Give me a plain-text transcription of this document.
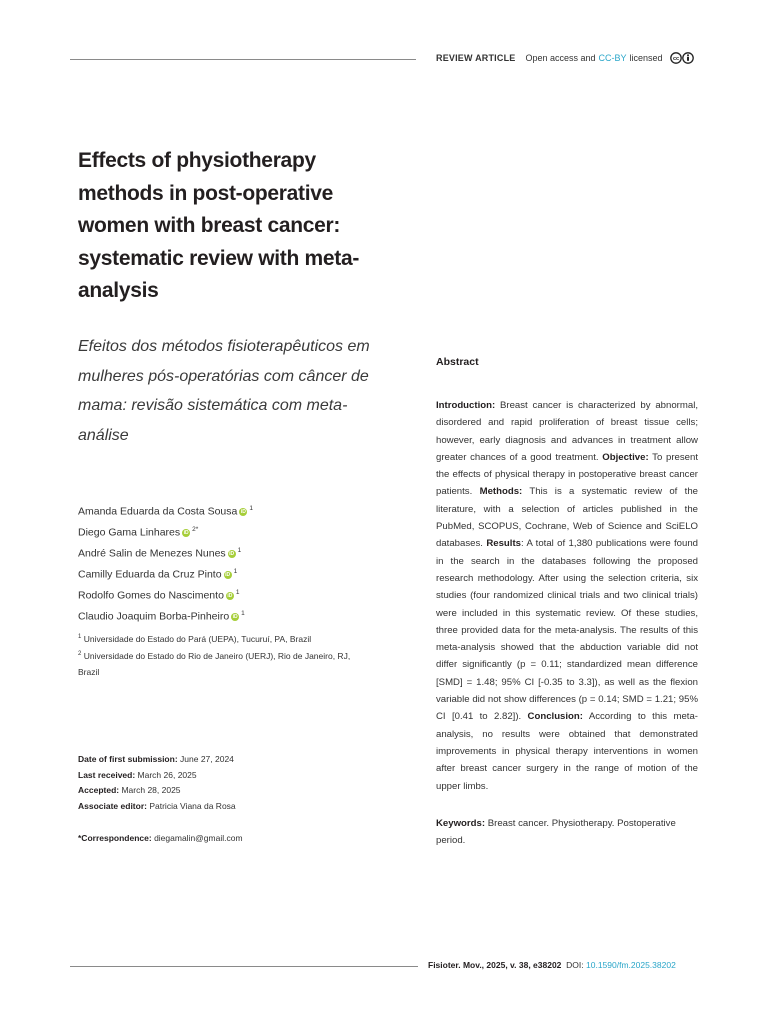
REVIEW ARTICLE Open access and CC-BY licensed cc
Effects of physiotherapy methods in post-operative women with breast cancer: systematic review with meta-analysis
Efeitos dos métodos fisioterapêuticos em mulheres pós-operatórias com câncer de mama: revisão sistemática com meta-análise
Amanda Eduarda da Costa Sousa iD $^1$
Diego Gama Linhares iD $^{2*}$
André Salin de Menezes Nunes iD $^1$
Camilly Eduarda da Cruz Pinto iD $^1$
Rodolfo Gomes do Nascimento iD $^1$
Claudio Joaquim Borba-Pinheiro iD $^1$
$^1$ Universidade do Estado do Pará (UEPA), Tucuruí, PA, Brazil
$^2$ Universidade do Estado do Rio de Janeiro (UERJ), Rio de Janeiro, RJ, Brazil
Date of first submission: June 27, 2024
Last received: March 26, 2025
Accepted: March 28, 2025
Associate editor: Patricia Viana da Rosa
*Correspondence: diegamalin@gmail.com
Abstract
Introduction: Breast cancer is characterized by abnormal, disordered and rapid proliferation of breast tissue cells; however, early diagnosis and advances in treatment allow greater chances of a good treatment. Objective: To present the effects of physical therapy in postoperative breast cancer patients. Methods: This is a systematic review of the literature, with a selection of articles published in the PubMed, SCOPUS, Cochrane, Web of Science and SciELO databases. Results: A total of 1,380 publications were found in the search in the databases following the proposed research methodology. After using the selection criteria, six studies (four randomized clinical trials and two clinical trials) were included in this systematic review. Of these studies, three provided data for the meta-analysis. The results of this meta-analysis showed that the abduction variable did not differ significantly (p = 0.11; standardized mean difference [SMD] = 1.48; 95% CI [-0.35 to 3.3]), as well as the flexion variable did not show differences (p = 0.14; SMD = 1.21; 95% CI [0.41 to 2.82]). Conclusion: According to this meta-analysis, no results were obtained that demonstrated improvements in physical therapy interventions in women after breast cancer surgery in the range of motion of the upper limbs.
Keywords: Breast cancer. Physiotherapy. Postoperative period.
Fisioter. Mov., 2025, v. 38, e38202 DOI: 10.1590/fm.2025.38202
